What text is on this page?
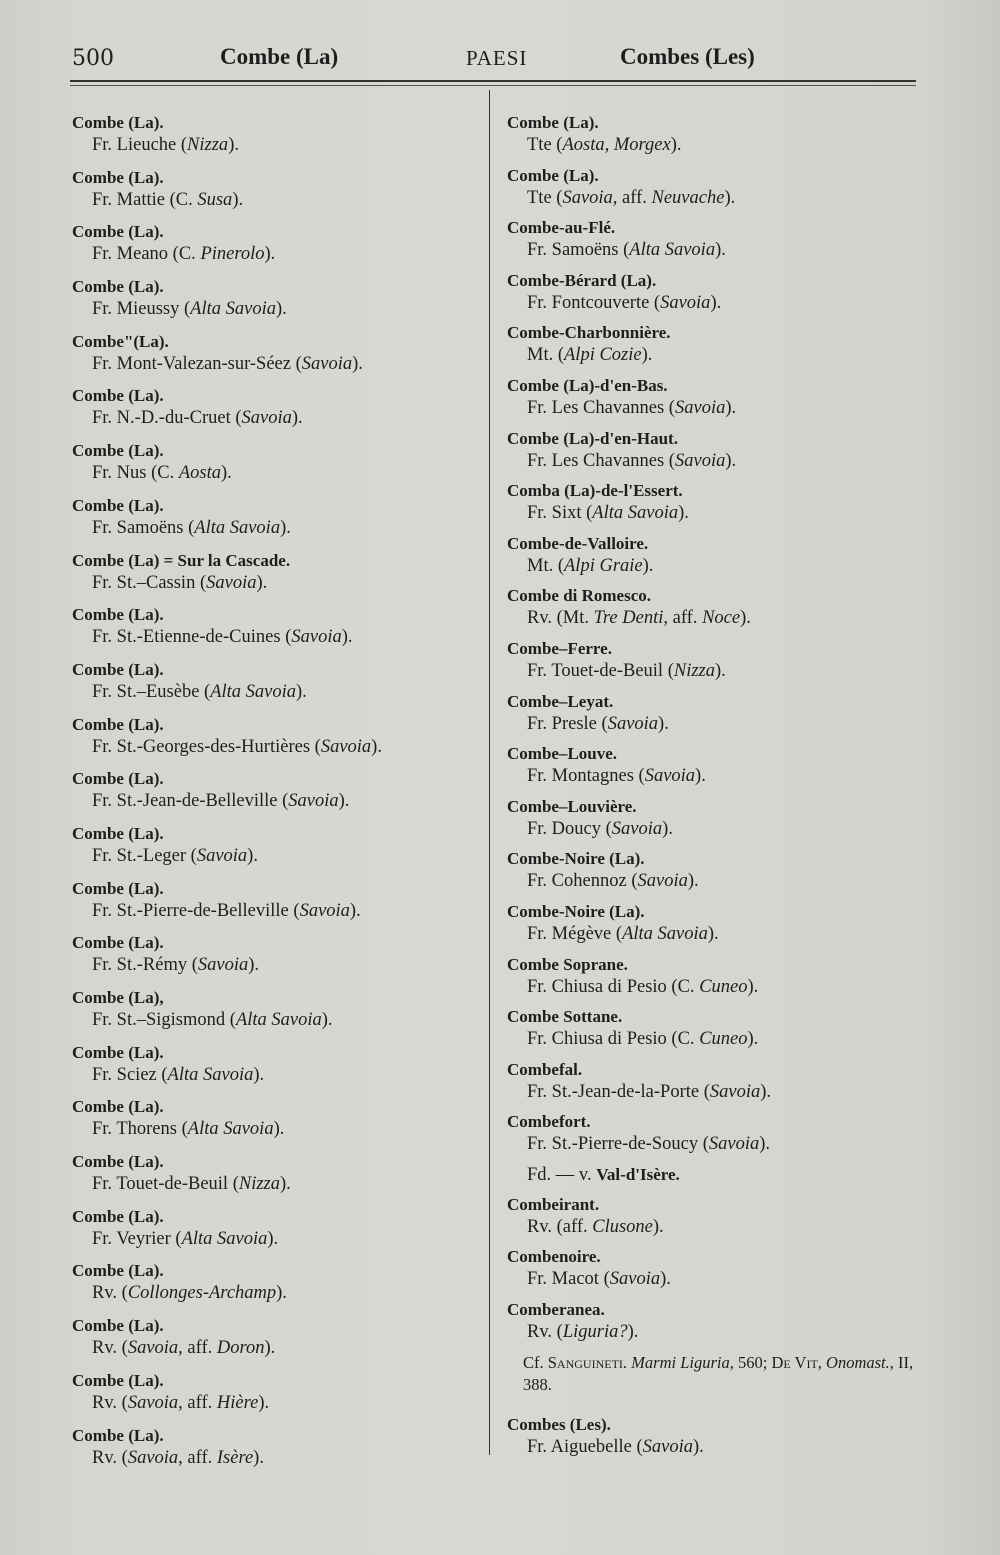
500	Combe (La)	PAESI	Combes (Les)
Combe (La).
Fr. Lieuche (Nizza).
Combe (La).
Fr. Mattie (C. Susa).
Combe (La).
Fr. Meano (C. Pinerolo).
Combe (La).
Fr. Mieussy (Alta Savoia).
Combe"(La).
Fr. Mont-Valezan-sur-Séez (Savoia).
Combe (La).
Fr. N.-D.-du-Cruet (Savoia).
Combe (La).
Fr. Nus (C. Aosta).
Combe (La).
Fr. Samoëns (Alta Savoia).
Combe (La) = Sur la Cascade.
Fr. St.–Cassin (Savoia).
Combe (La).
Fr. St.-Etienne-de-Cuines (Savoia).
Combe (La).
Fr. St.–Eusèbe (Alta Savoia).
Combe (La).
Fr. St.-Georges-des-Hurtières (Savoia).
Combe (La).
Fr. St.-Jean-de-Belleville (Savoia).
Combe (La).
Fr. St.-Leger (Savoia).
Combe (La).
Fr. St.-Pierre-de-Belleville (Savoia).
Combe (La).
Fr. St.-Rémy (Savoia).
Combe (La),
Fr. St.–Sigismond (Alta Savoia).
Combe (La).
Fr. Sciez (Alta Savoia).
Combe (La).
Fr. Thorens (Alta Savoia).
Combe (La).
Fr. Touet-de-Beuil (Nizza).
Combe (La).
Fr. Veyrier (Alta Savoia).
Combe (La).
Rv. (Collonges-Archamp).
Combe (La).
Rv. (Savoia, aff. Doron).
Combe (La).
Rv. (Savoia, aff. Hière).
Combe (La).
Rv. (Savoia, aff. Isère).
Combe (La).
Tte (Aosta, Morgex).
Combe (La).
Tte (Savoia, aff. Neuvache).
Combe-au-Flé.
Fr. Samoëns (Alta Savoia).
Combe-Bérard (La).
Fr. Fontcouverte (Savoia).
Combe-Charbonnière.
Mt. (Alpi Cozie).
Combe (La)-d'en-Bas.
Fr. Les Chavannes (Savoia).
Combe (La)-d'en-Haut.
Fr. Les Chavannes (Savoia).
Comba (La)-de-l'Essert.
Fr. Sixt (Alta Savoia).
Combe-de-Valloire.
Mt. (Alpi Graie).
Combe di Romesco.
Rv. (Mt. Tre Denti, aff. Noce).
Combe–Ferre.
Fr. Touet-de-Beuil (Nizza).
Combe–Leyat.
Fr. Presle (Savoia).
Combe–Louve.
Fr. Montagnes (Savoia).
Combe–Louvière.
Fr. Doucy (Savoia).
Combe-Noire (La).
Fr. Cohennoz (Savoia).
Combe-Noire (La).
Fr. Mégève (Alta Savoia).
Combe Soprane.
Fr. Chiusa di Pesio (C. Cuneo).
Combe Sottane.
Fr. Chiusa di Pesio (C. Cuneo).
Combefal.
Fr. St.-Jean-de-la-Porte (Savoia).
Combefort.
Fr. St.-Pierre-de-Soucy (Savoia).
Fd. — v. Val-d'Isère.
Combeirant.
Rv. (aff. Clusone).
Combenoire.
Fr. Macot (Savoia).
Comberanea.
Rv. (Liguria?).
Cf. Sanguineti. Marmi Liguria, 560; De Vit, Onomast., II, 388.
Combes (Les).
Fr. Aiguebelle (Savoia).
